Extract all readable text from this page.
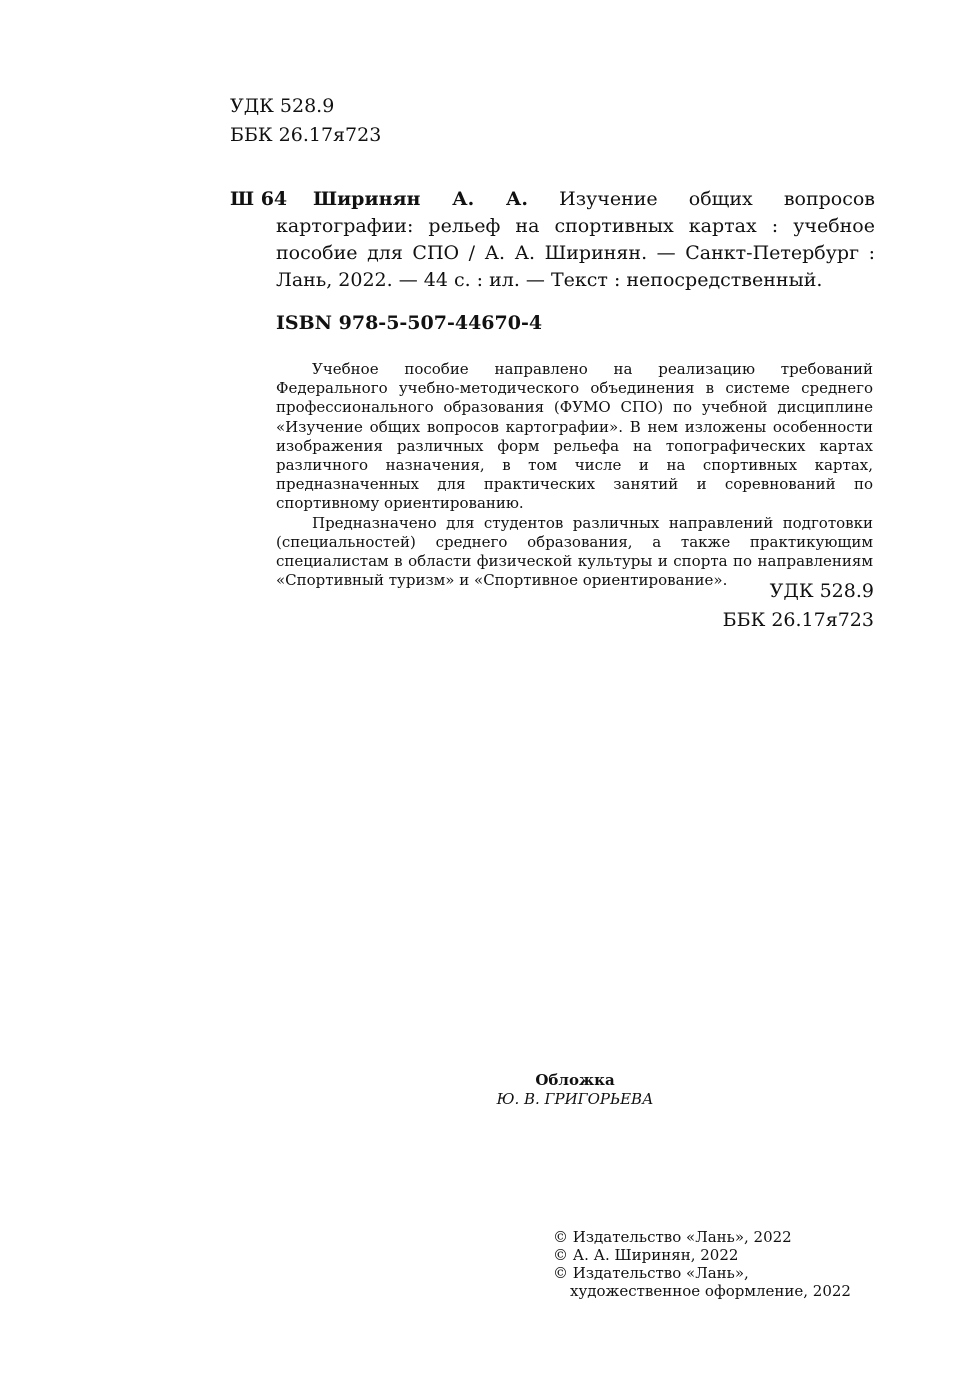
УДК 528.9
ББК 26.17я723
Ш 64	Ширинян А. А. Изучение общих вопросов картографии: рельеф на спортивных картах : учебное пособие для СПО / А. А. Ширинян. — Санкт-Петербург : Лань, 2022. — 44 с. : ил. — Текст : непосредственный.
ISBN 978-5-507-44670-4

Учебное пособие направлено на реализацию требований Федерального учебно-методического объединения в системе среднего профессионального образования (ФУМО СПО) по учебной дисциплине «Изучение общих вопросов картографии». В нем изложены особенности изображения различных форм рельефа на топографических картах различного назначения, в том числе и на спортивных картах, предназначенных для практических занятий и соревнований по спортивному ориентированию.

Предназначено для студентов различных направлений подготовки (специальностей) среднего образования, а также практикующим специалистам в области физической культуры и спорта по направлениям «Спортивный туризм» и «Спортивное ориентирование».	УДК 528.9
ББК 26.17я723
Обложка
Ю. В. ГРИГОРЬЕВА
© Издательство «Лань», 2022
© А. А. Ширинян, 2022
© Издательство «Лань»,
художественное оформление, 2022
